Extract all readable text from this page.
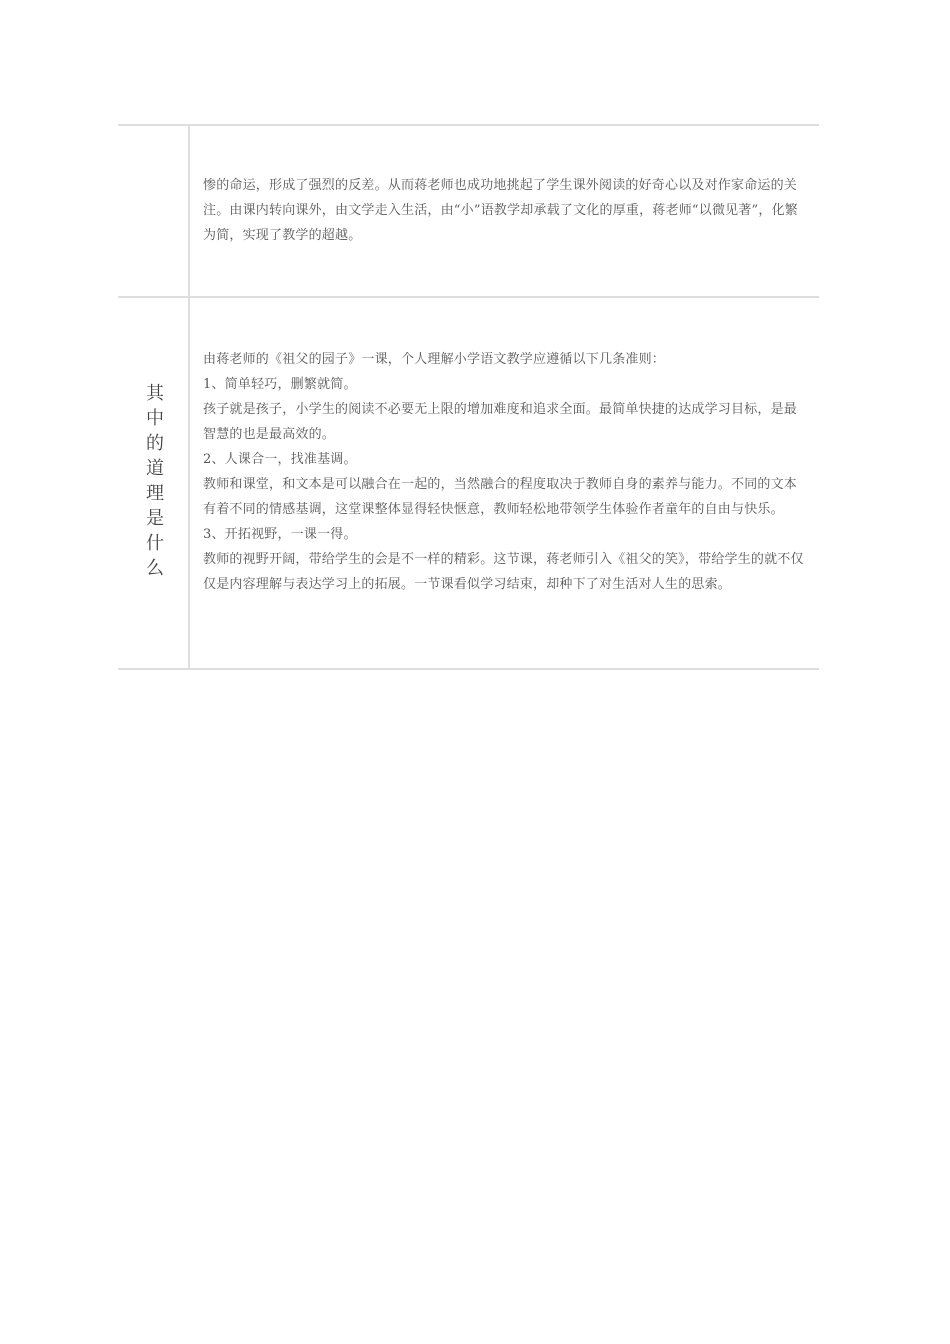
惨的命运，形成了强烈的反差。从而蒋老师也成功地挑起了学生课外阅读的好奇心以及对作家命运的关注。由课内转向课外，由文学走入生活，由“小”语教学却承载了文化的厚重，蒋老师“以微见著”，化繁为简，实现了教学的超越。

其中的道理是什么

由蒋老师的《祖父的园子》一课，个人理解小学语文教学应遵循以下几条准则：

1、简单轻巧，删繁就简。

孩子就是孩子，小学生的阅读不必要无上限的增加难度和追求全面。最简单快捷的达成学习目标，是最智慧的也是最高效的。

2、人课合一，找准基调。

教师和课堂，和文本是可以融合在一起的，当然融合的程度取决于教师自身的素养与能力。不同的文本有着不同的情感基调，这堂课整体显得轻快惬意，教师轻松地带领学生体验作者童年的自由与快乐。

3、开拓视野，一课一得。

教师的视野开阔，带给学生的会是不一样的精彩。这节课，蒋老师引入《祖父的笑》，带给学生的就不仅仅是内容理解与表达学习上的拓展。一节课看似学习结束，却种下了对生活对人生的思索。
